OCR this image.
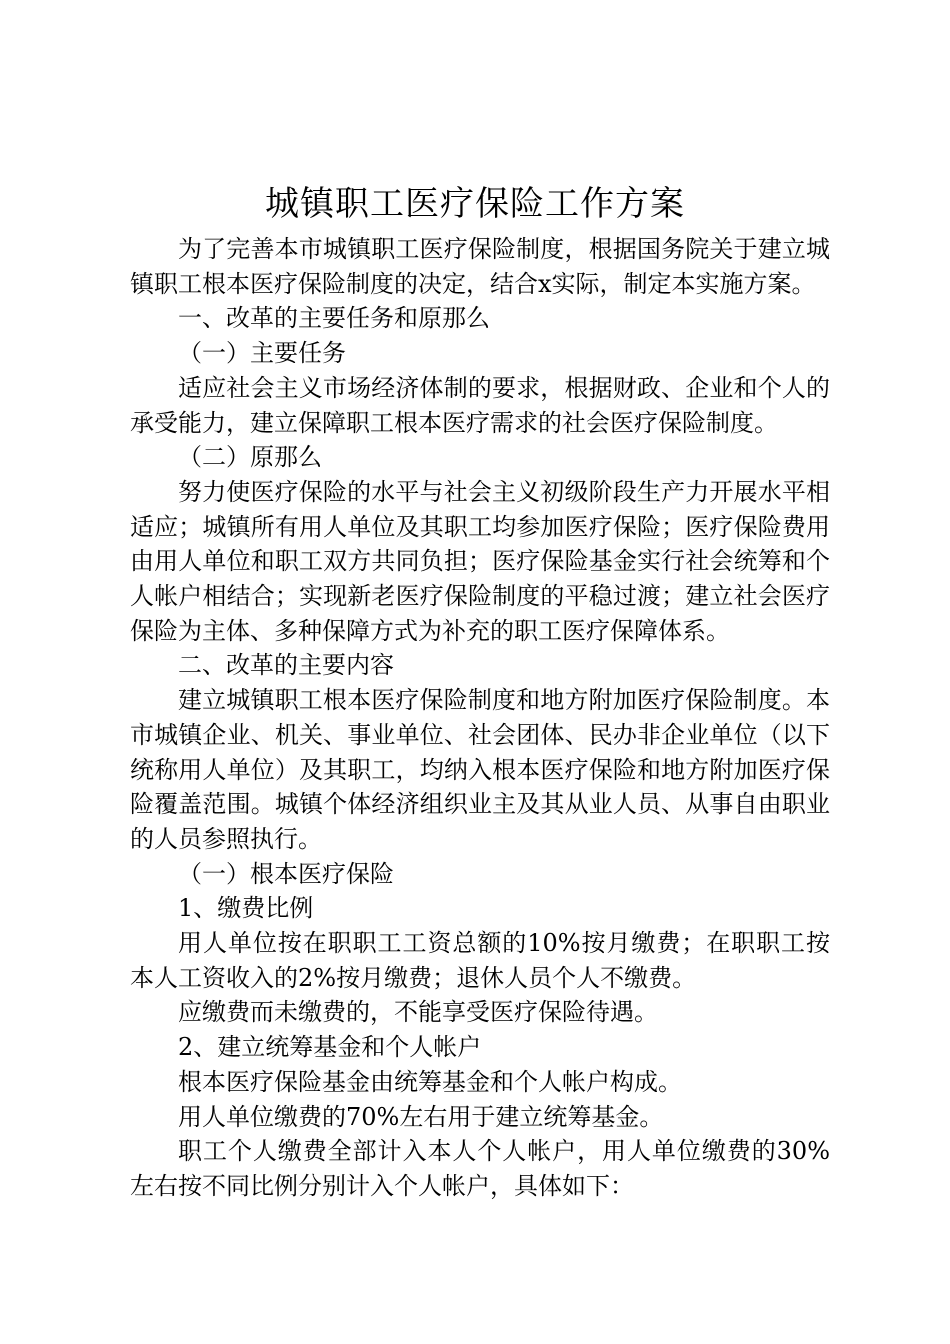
城镇职工医疗保险工作方案

为了完善本市城镇职工医疗保险制度，根据国务院关于建立城镇职工根本医疗保险制度的决定，结合x实际，制定本实施方案。

一、改革的主要任务和原那么

（一）主要任务

适应社会主义市场经济体制的要求，根据财政、企业和个人的承受能力，建立保障职工根本医疗需求的社会医疗保险制度。

（二）原那么

努力使医疗保险的水平与社会主义初级阶段生产力开展水平相适应；城镇所有用人单位及其职工均参加医疗保险；医疗保险费用由用人单位和职工双方共同负担；医疗保险基金实行社会统筹和个人帐户相结合；实现新老医疗保险制度的平稳过渡；建立社会医疗保险为主体、多种保障方式为补充的职工医疗保障体系。

二、改革的主要内容

建立城镇职工根本医疗保险制度和地方附加医疗保险制度。本市城镇企业、机关、事业单位、社会团体、民办非企业单位（以下统称用人单位）及其职工，均纳入根本医疗保险和地方附加医疗保险覆盖范围。城镇个体经济组织业主及其从业人员、从事自由职业的人员参照执行。

（一）根本医疗保险

1、缴费比例

用人单位按在职职工工资总额的10%按月缴费；在职职工按本人工资收入的2%按月缴费；退休人员个人不缴费。

应缴费而未缴费的，不能享受医疗保险待遇。

2、建立统筹基金和个人帐户

根本医疗保险基金由统筹基金和个人帐户构成。

用人单位缴费的70%左右用于建立统筹基金。

职工个人缴费全部计入本人个人帐户，用人单位缴费的30%左右按不同比例分别计入个人帐户，具体如下：
